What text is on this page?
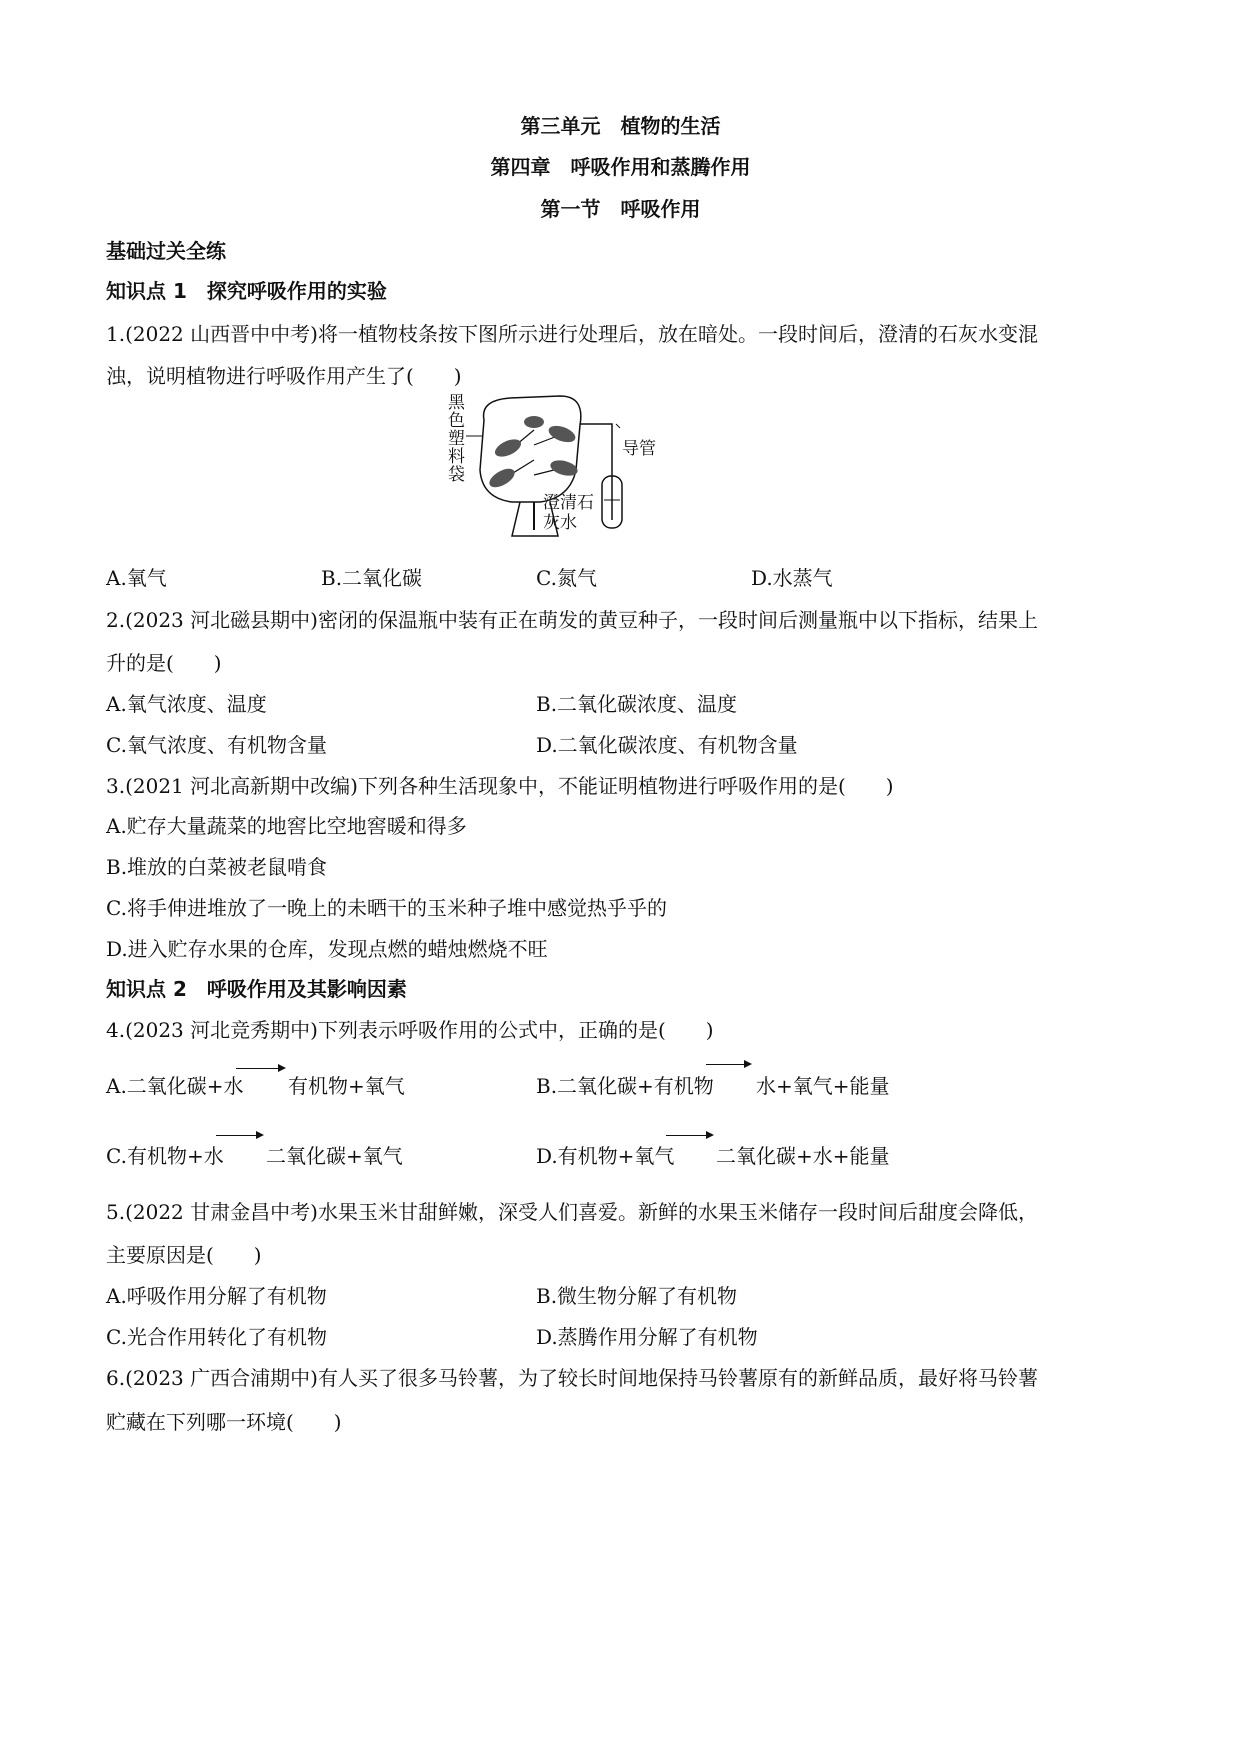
第三单元　植物的生活
第四章　呼吸作用和蒸腾作用
第一节　呼吸作用
基础过关全练
知识点 1　探究呼吸作用的实验
1.(2022 山西晋中中考)将一植物枝条按下图所示进行处理后，放在暗处。一段时间后，澄清的石灰水变混
浊，说明植物进行呼吸作用产生了(　　)
黑
色
塑
料
袋
导管
澄清石
灰水
A.氧气	B.二氧化碳	C.氮气	D.水蒸气
2.(2023 河北磁县期中)密闭的保温瓶中装有正在萌发的黄豆种子，一段时间后测量瓶中以下指标，结果上
升的是(　　)
A.氧气浓度、温度	B.二氧化碳浓度、温度
C.氧气浓度、有机物含量	D.二氧化碳浓度、有机物含量
3.(2021 河北高新期中改编)下列各种生活现象中，不能证明植物进行呼吸作用的是(　　)
A.贮存大量蔬菜的地窖比空地窖暖和得多
B.堆放的白菜被老鼠啃食
C.将手伸进堆放了一晚上的未晒干的玉米种子堆中感觉热乎乎的
D.进入贮存水果的仓库，发现点燃的蜡烛燃烧不旺
知识点 2　呼吸作用及其影响因素
4.(2023 河北竞秀期中)下列表示呼吸作用的公式中，正确的是(　　)
A.二氧化碳+水 有机物+氧气	B.二氧化碳+有机物 水+氧气+能量
C.有机物+水 二氧化碳+氧气	D.有机物+氧气 二氧化碳+水+能量
5.(2022 甘肃金昌中考)水果玉米甘甜鲜嫩，深受人们喜爱。新鲜的水果玉米储存一段时间后甜度会降低，
主要原因是(　　)
A.呼吸作用分解了有机物	B.微生物分解了有机物
C.光合作用转化了有机物	D.蒸腾作用分解了有机物
6.(2023 广西合浦期中)有人买了很多马铃薯，为了较长时间地保持马铃薯原有的新鲜品质，最好将马铃薯
贮藏在下列哪一环境(　　)
